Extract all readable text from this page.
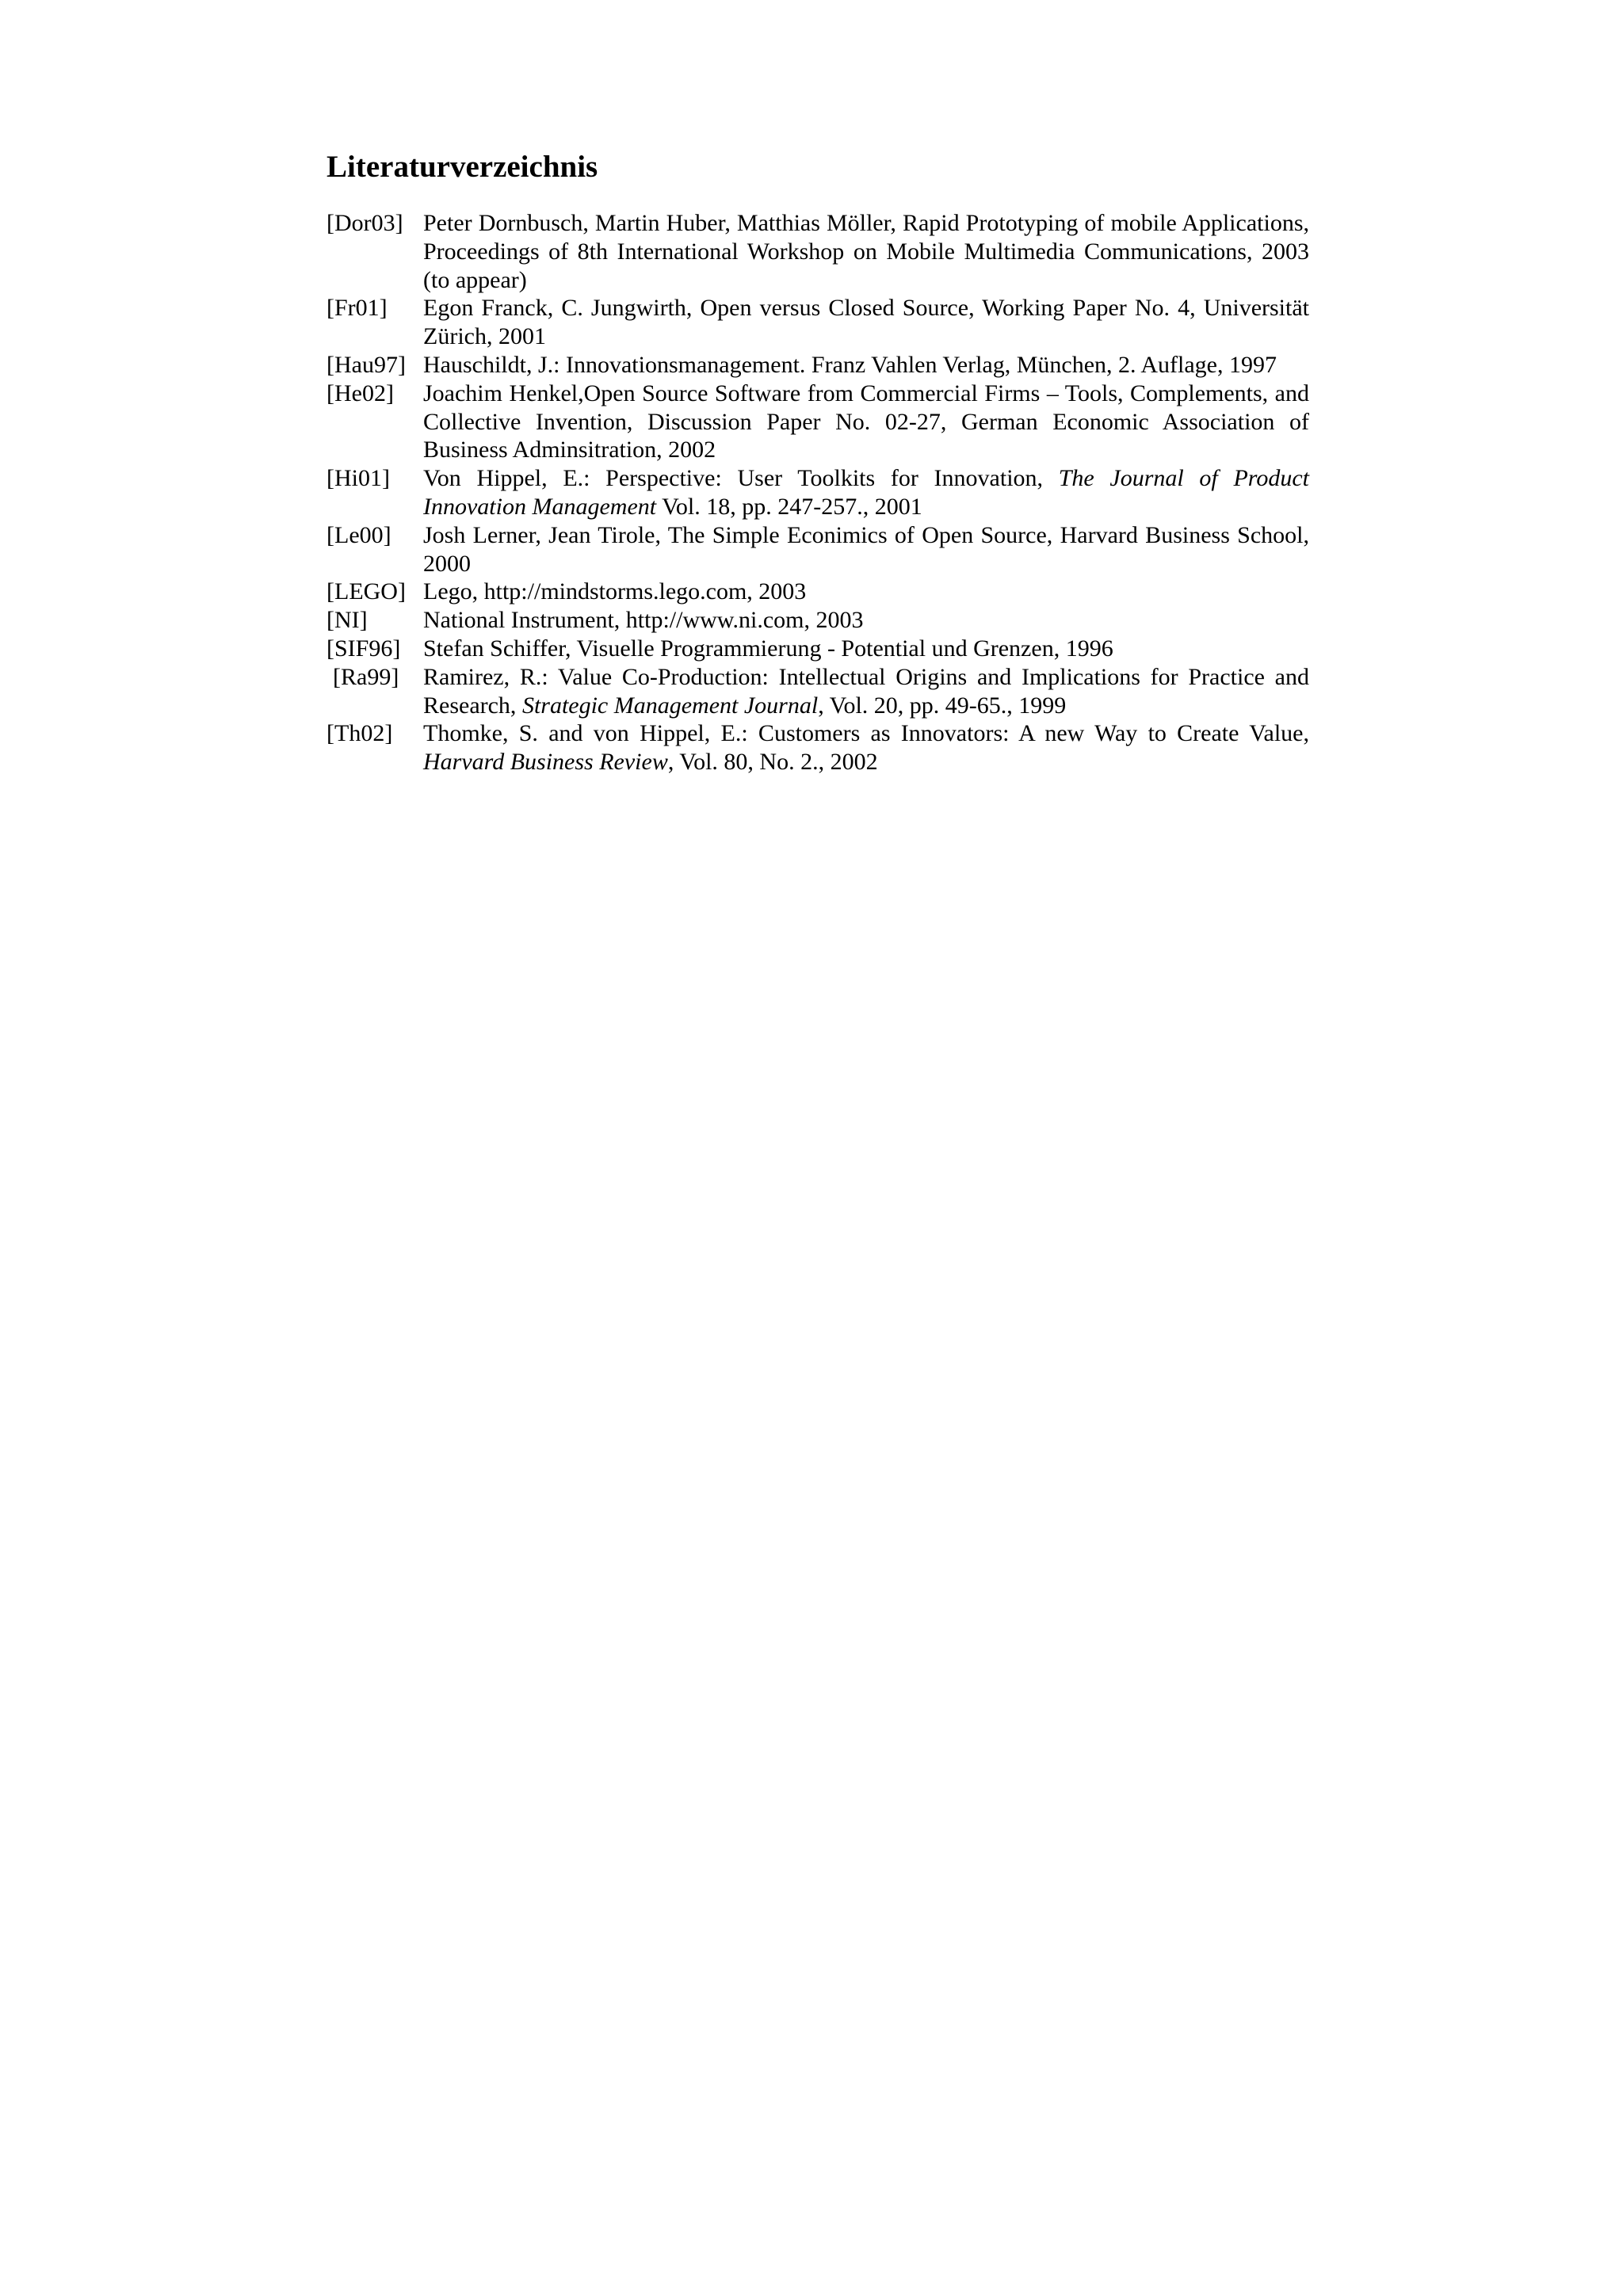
Literaturverzeichnis
[Dor03] Peter Dornbusch, Martin Huber, Matthias Möller, Rapid Prototyping of mobile Applications, Proceedings of 8th International Workshop on Mobile Multimedia Communications, 2003 (to appear)
[Fr01]	Egon Franck, C. Jungwirth, Open versus Closed Source, Working Paper No. 4, Universität Zürich, 2001
[Hau97] Hauschildt, J.: Innovationsmanagement. Franz Vahlen Verlag, München, 2. Auflage, 1997
[He02]	Joachim Henkel,Open Source Software from Commercial Firms – Tools, Complements, and Collective Invention, Discussion Paper No. 02-27, German Economic Association of Business Adminsitration, 2002
[Hi01]	Von Hippel, E.: Perspective: User Toolkits for Innovation, The Journal of Product Innovation Management Vol. 18, pp. 247-257., 2001
[Le00]	Josh Lerner, Jean Tirole, The Simple Econimics of Open Source, Harvard Business School, 2000
[LEGO] Lego, http://mindstorms.lego.com, 2003
[NI]	National Instrument, http://www.ni.com, 2003
[SIF96] Stefan Schiffer, Visuelle Programmierung - Potential und Grenzen, 1996
[Ra99]	Ramirez, R.: Value Co-Production: Intellectual Origins and Implications for Practice and Research, Strategic Management Journal, Vol. 20, pp. 49-65., 1999
[Th02]	Thomke, S. and von Hippel, E.: Customers as Innovators: A new Way to Create Value, Harvard Business Review, Vol. 80, No. 2., 2002
